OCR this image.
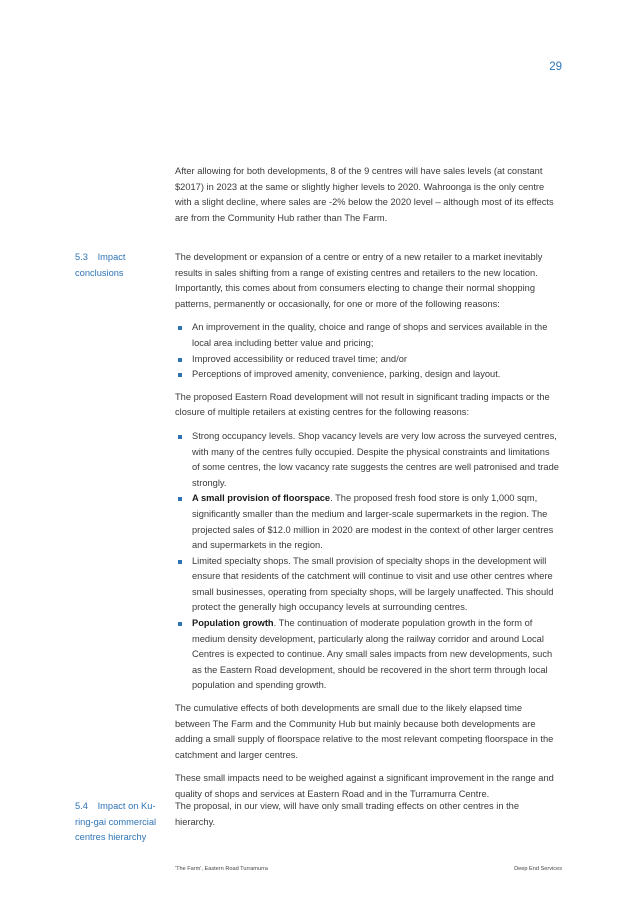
29

After allowing for both developments, 8 of the 9 centres will have sales levels (at constant $2017) in 2023 at the same or slightly higher levels to 2020. Wahroonga is the only centre with a slight decline, where sales are -2% below the 2020 level – although most of its effects are from the Community Hub rather than The Farm.

5.3 Impact conclusions

The development or expansion of a centre or entry of a new retailer to a market inevitably results in sales shifting from a range of existing centres and retailers to the new location. Importantly, this comes about from consumers electing to change their normal shopping patterns, permanently or occasionally, for one or more of the following reasons:

An improvement in the quality, choice and range of shops and services available in the local area including better value and pricing;
Improved accessibility or reduced travel time; and/or
Perceptions of improved amenity, convenience, parking, design and layout.

The proposed Eastern Road development will not result in significant trading impacts or the closure of multiple retailers at existing centres for the following reasons:

Strong occupancy levels. Shop vacancy levels are very low across the surveyed centres, with many of the centres fully occupied. Despite the physical constraints and limitations of some centres, the low vacancy rate suggests the centres are well patronised and trade strongly.
A small provision of floorspace. The proposed fresh food store is only 1,000 sqm, significantly smaller than the medium and larger-scale supermarkets in the region. The projected sales of $12.0 million in 2020 are modest in the context of other larger centres and supermarkets in the region.
Limited specialty shops. The small provision of specialty shops in the development will ensure that residents of the catchment will continue to visit and use other centres where small businesses, operating from specialty shops, will be largely unaffected. This should protect the generally high occupancy levels at surrounding centres.
Population growth. The continuation of moderate population growth in the form of medium density development, particularly along the railway corridor and around Local Centres is expected to continue. Any small sales impacts from new developments, such as the Eastern Road development, should be recovered in the short term through local population and spending growth.

The cumulative effects of both developments are small due to the likely elapsed time between The Farm and the Community Hub but mainly because both developments are adding a small supply of floorspace relative to the most relevant competing floorspace in the catchment and larger centres.

These small impacts need to be weighed against a significant improvement in the range and quality of shops and services at Eastern Road and in the Turramurra Centre.

5.4 Impact on Ku-ring-gai commercial centres hierarchy

The proposal, in our view, will have only small trading effects on other centres in the hierarchy.

'The Farm', Eastern Road Turramurra	Deep End Services
